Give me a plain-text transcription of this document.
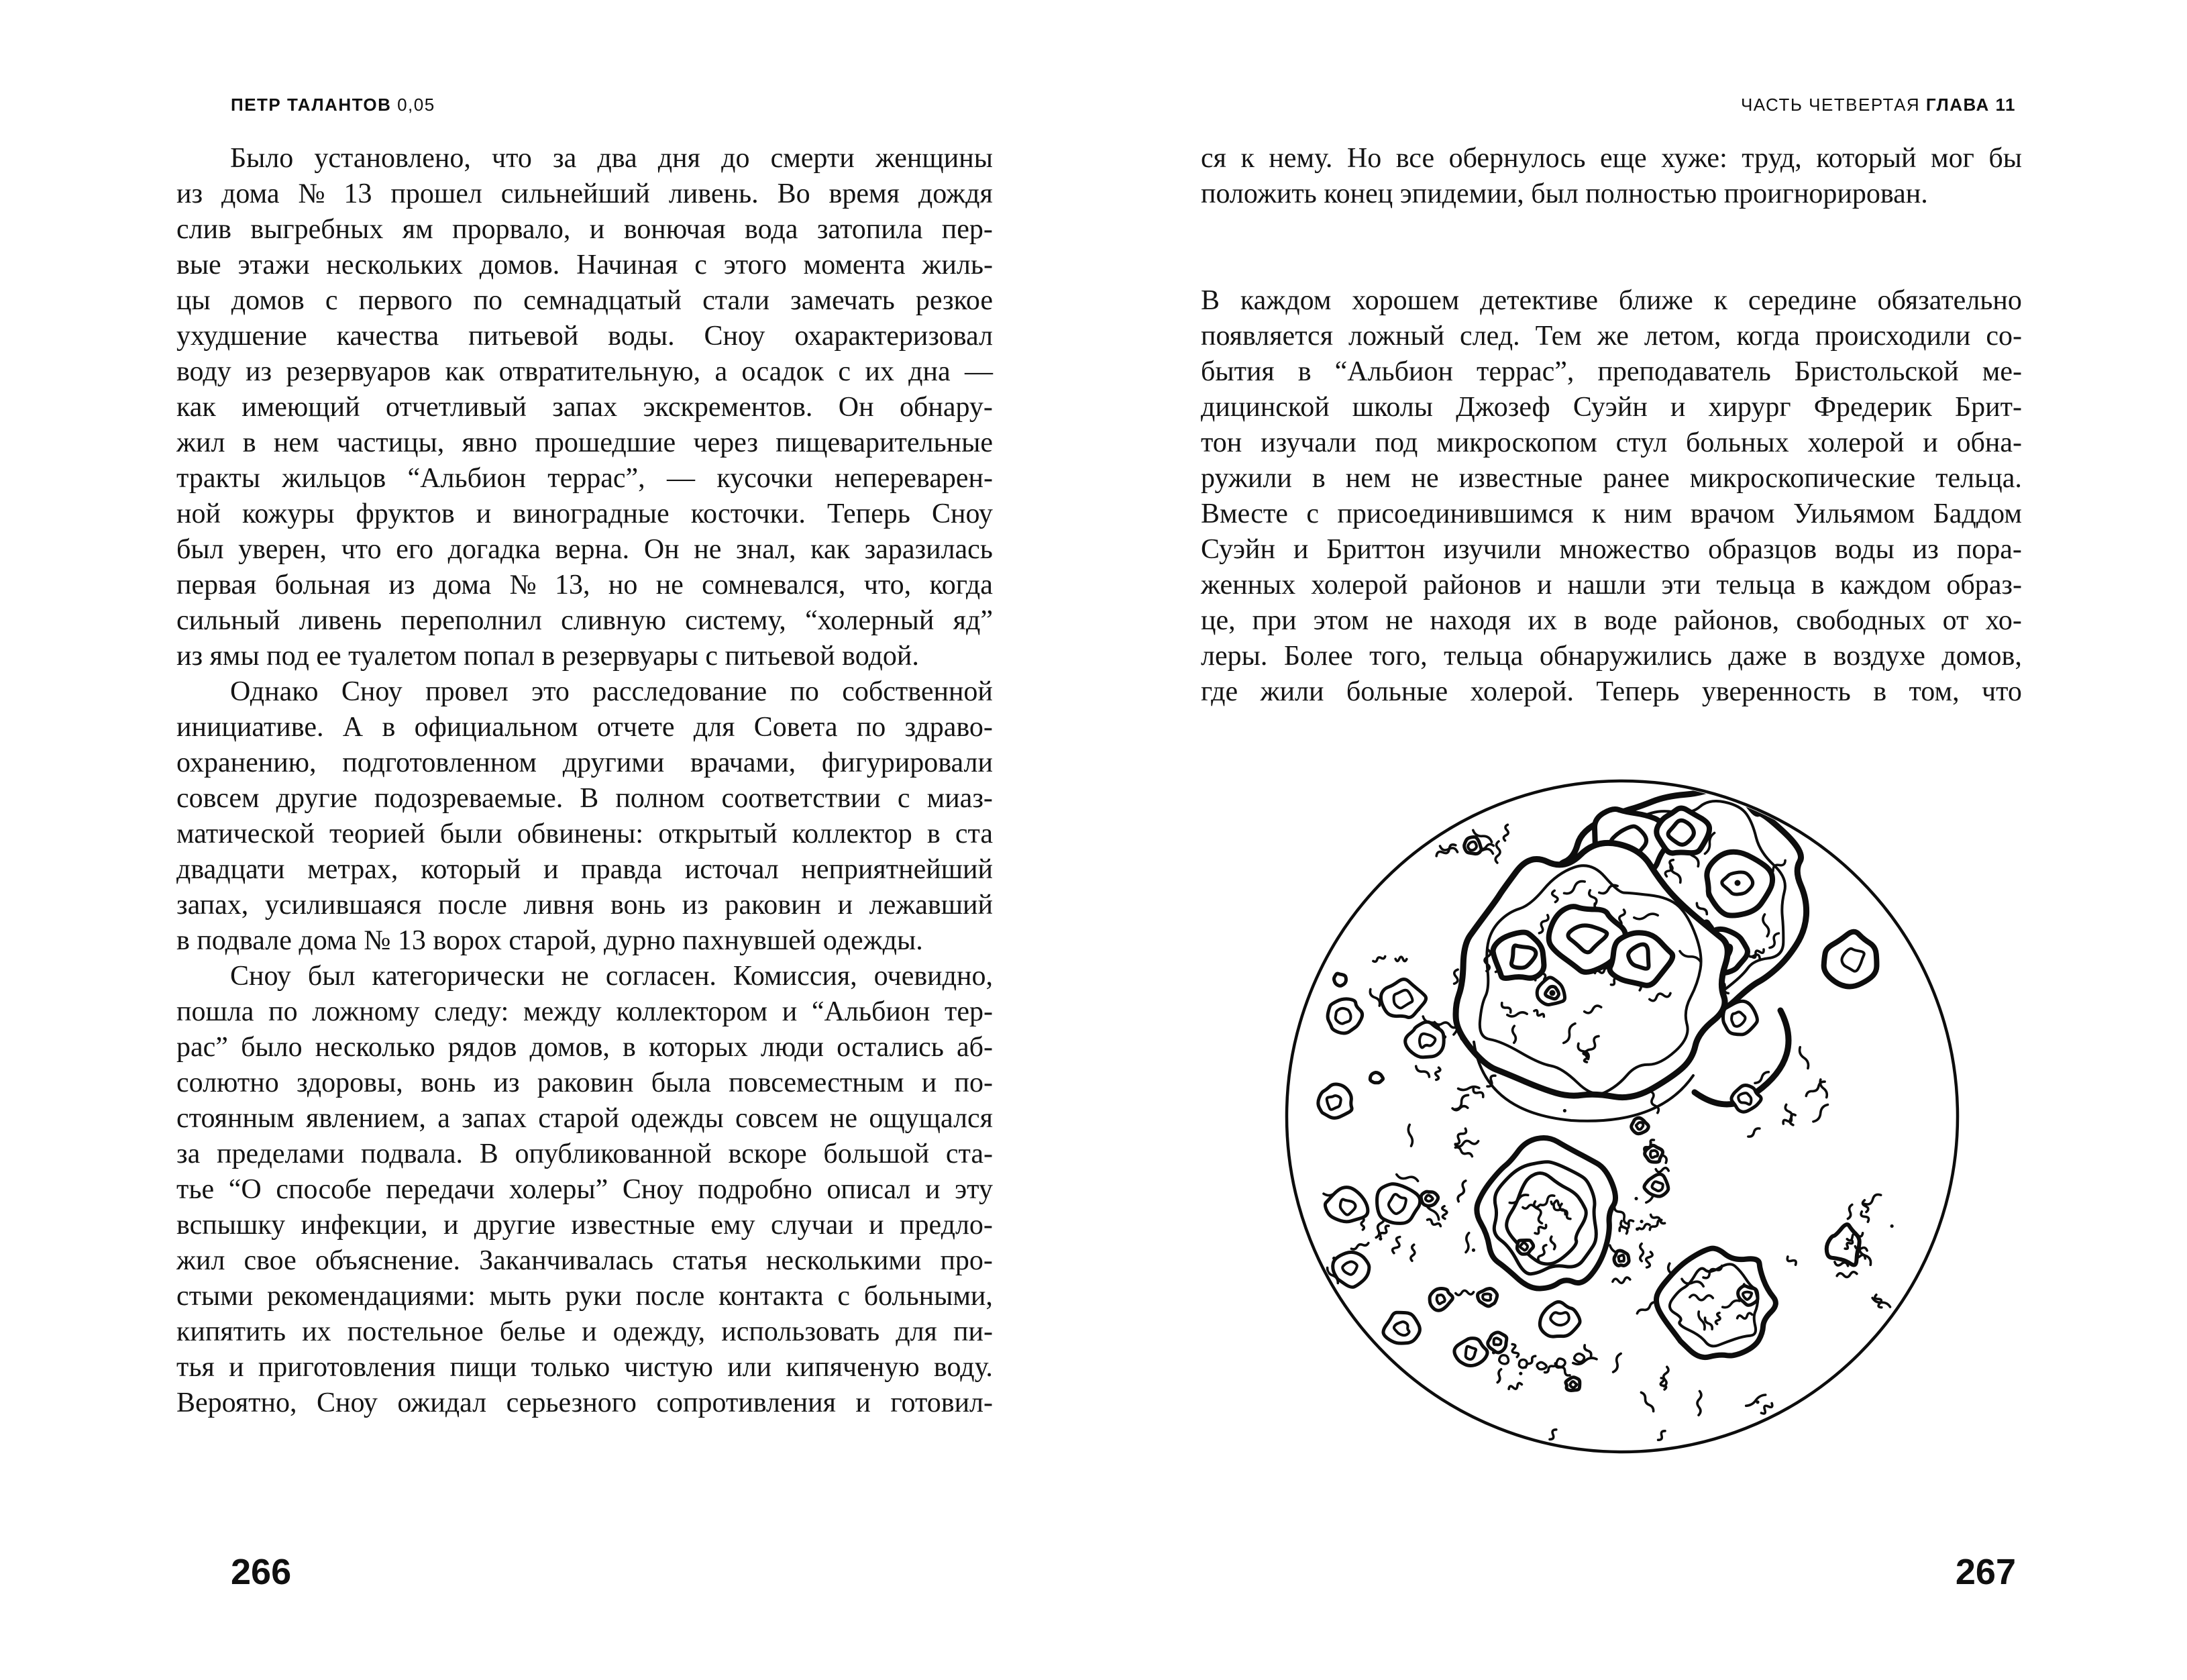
ПЕТР ТАЛАНТОВ 0,05
Было установлено, что за два дня до смерти женщины
из дома № 13 прошел сильнейший ливень. Во время дождя
слив выгребных ям прорвало, и вонючая вода затопила пер-
вые этажи нескольких домов. Начиная с этого момента жиль-
цы домов с первого по семнадцатый стали замечать резкое
ухудшение качества питьевой воды. Сноу охарактеризовал
воду из резервуаров как отвратительную, а осадок с их дна —
как имеющий отчетливый запах экскрементов. Он обнару-
жил в нем частицы, явно прошедшие через пищеварительные
тракты жильцов “Альбион террас”, — кусочки непереварен-
ной кожуры фруктов и виноградные косточки. Теперь Сноу
был уверен, что его догадка верна. Он не знал, как заразилась
первая больная из дома № 13, но не сомневался, что, когда
сильный ливень переполнил сливную систему, “холерный яд”
из ямы под ее туалетом попал в резервуары с питьевой водой.
Однако Сноу провел это расследование по собственной
инициативе. А в официальном отчете для Совета по здраво-
охранению, подготовленном другими врачами, фигурировали
совсем другие подозреваемые. В полном соответствии с миаз-
матической теорией были обвинены: открытый коллектор в ста
двадцати метрах, который и правда источал неприятнейший
запах, усилившаяся после ливня вонь из раковин и лежавший
в подвале дома № 13 ворох старой, дурно пахнувшей одежды.
Сноу был категорически не согласен. Комиссия, очевидно,
пошла по ложному следу: между коллектором и “Альбион тер-
рас” было несколько рядов домов, в которых люди остались аб-
солютно здоровы, вонь из раковин была повсеместным и по-
стоянным явлением, а запах старой одежды совсем не ощущался
за пределами подвала. В опубликованной вскоре большой ста-
тье “О способе передачи холеры” Сноу подробно описал и эту
вспышку инфекции, и другие известные ему случаи и предло-
жил свое объяснение. Заканчивалась статья несколькими про-
стыми рекомендациями: мыть руки после контакта с больными,
кипятить их постельное белье и одежду, использовать для пи-
тья и приготовления пищи только чистую или кипяченую воду.
Вероятно, Сноу ожидал серьезного сопротивления и готовил-
266
ЧАСТЬ ЧЕТВЕРТАЯ ГЛАВА 11
ся к нему. Но все обернулось еще хуже: труд, который мог бы
положить конец эпидемии, был полностью проигнорирован.
В каждом хорошем детективе ближе к середине обязательно
появляется ложный след. Тем же летом, когда происходили со-
бытия в “Альбион террас”, преподаватель Бристольской ме-
дицинской школы Джозеф Суэйн и хирург Фредерик Брит-
тон изучали под микроскопом стул больных холерой и обна-
ружили в нем не известные ранее микроскопические тельца.
Вместе с присоединившимся к ним врачом Уильямом Баддом
Суэйн и Бриттон изучили множество образцов воды из пора-
женных холерой районов и нашли эти тельца в каждом образ-
це, при этом не находя их в воде районов, свободных от хо-
леры. Более того, тельца обнаружились даже в воздухе домов,
где жили больные холерой. Теперь уверенность в том, что
267
